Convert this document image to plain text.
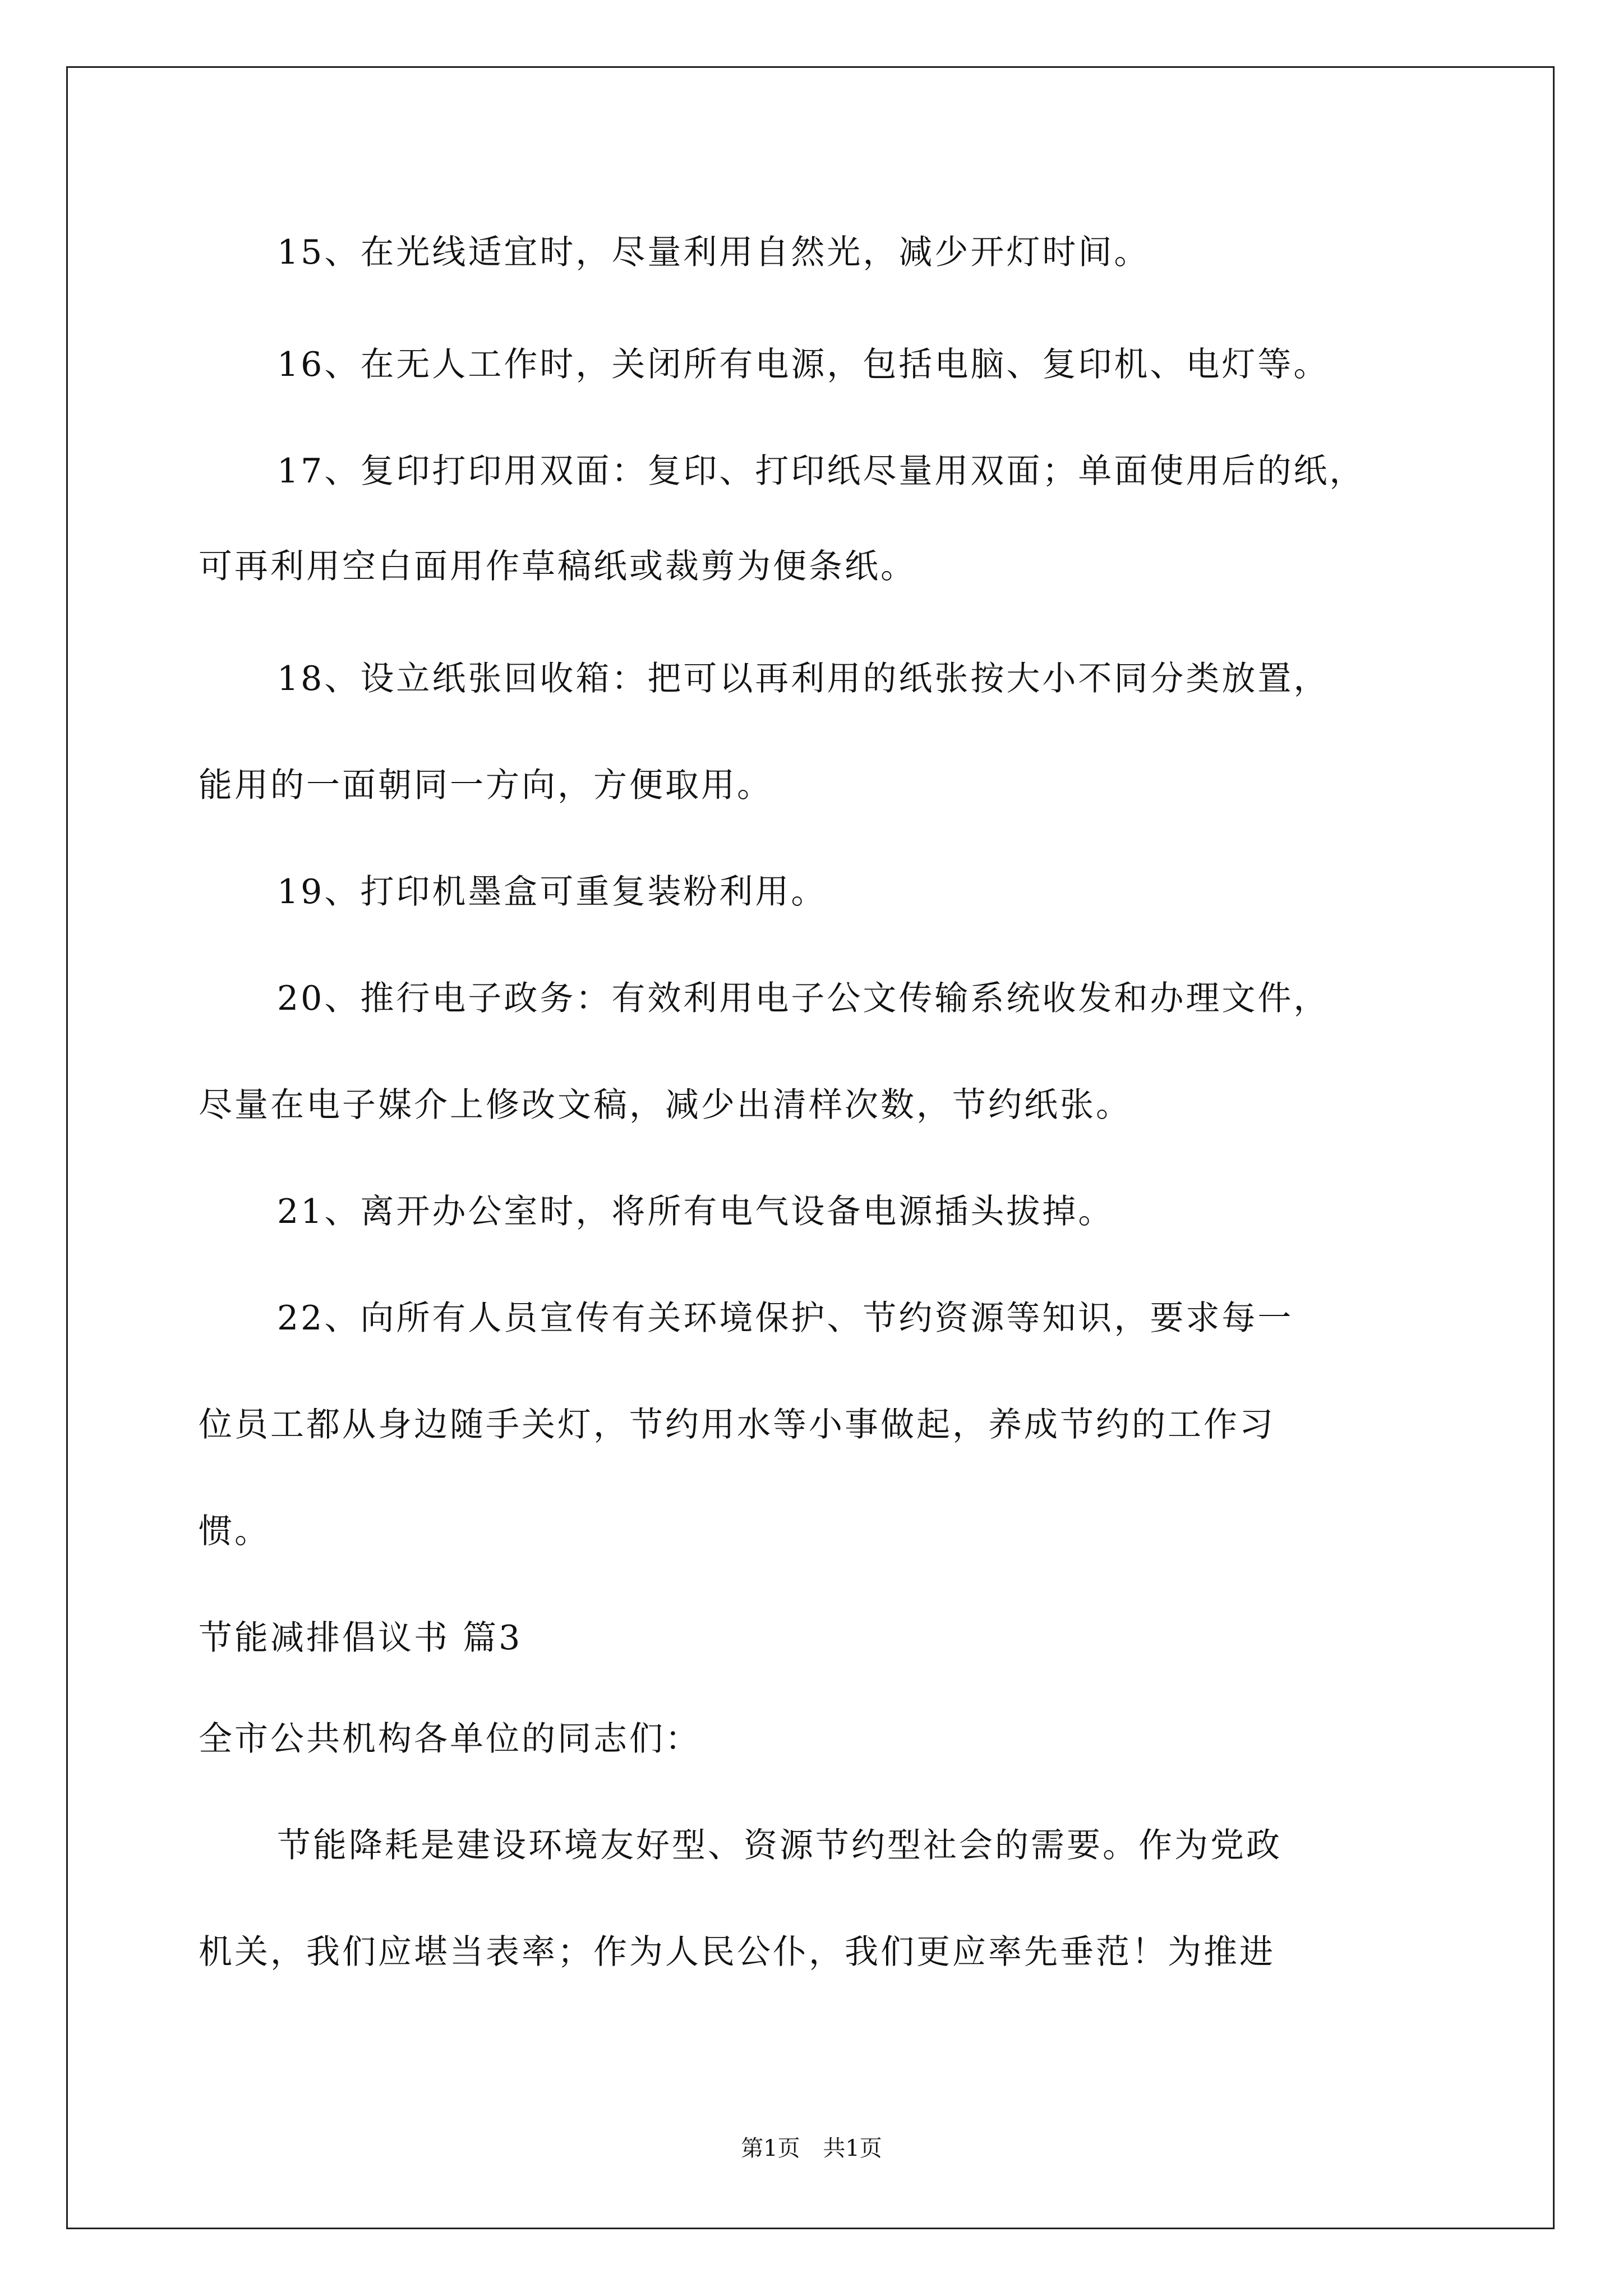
15、在光线适宜时，尽量利用自然光，减少开灯时间。
16、在无人工作时，关闭所有电源，包括电脑、复印机、电灯等。
17、复印打印用双面：复印、打印纸尽量用双面；单面使用后的纸，
可再利用空白面用作草稿纸或裁剪为便条纸。
18、设立纸张回收箱：把可以再利用的纸张按大小不同分类放置，
能用的一面朝同一方向，方便取用。
19、打印机墨盒可重复装粉利用。
20、推行电子政务：有效利用电子公文传输系统收发和办理文件，
尽量在电子媒介上修改文稿，减少出清样次数，节约纸张。
21、离开办公室时，将所有电气设备电源插头拔掉。
22、向所有人员宣传有关环境保护、节约资源等知识，要求每一
位员工都从身边随手关灯，节约用水等小事做起，养成节约的工作习
惯。
节能减排倡议书 篇3
全市公共机构各单位的同志们：
节能降耗是建设环境友好型、资源节约型社会的需要。作为党政
机关，我们应堪当表率；作为人民公仆，我们更应率先垂范！为推进
第1页 共1页
